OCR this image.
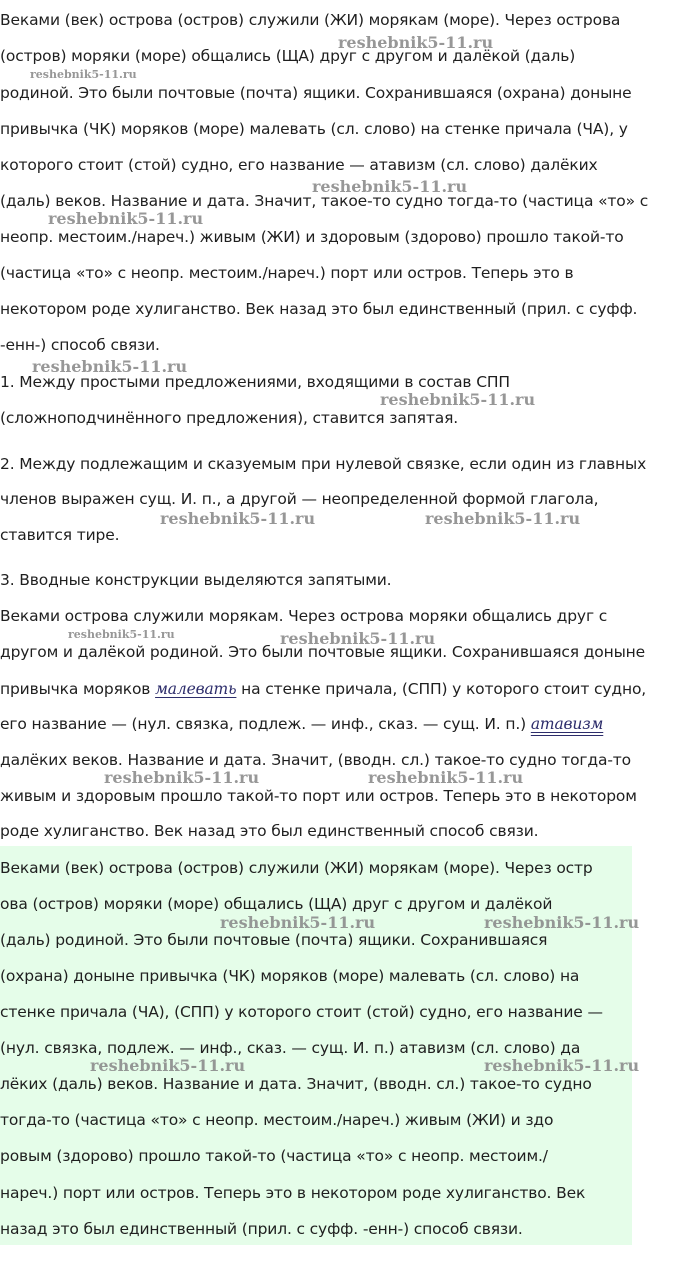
Веками (век) острова (остров) служили (ЖИ) морякам (море). Через острова
(остров) моряки (море) общались (ЩА) друг с другом и далёкой (даль)
родиной. Это были почтовые (почта) ящики. Сохранившаяся (охрана) доныне
привычка (ЧК) моряков (море) малевать (сл. слово) на стенке причала (ЧА), у
которого стоит (стой) судно, его название — атавизм (сл. слово) далёких
(даль) веков. Название и дата. Значит, такое-то судно тогда-то (частица «то» с
неопр. местоим./нареч.) живым (ЖИ) и здоровым (здорово) прошло такой-то
(частица «то» с неопр. местоим./нареч.) порт или остров. Теперь это в
некотором роде хулиганство. Век назад это был единственный (прил. с суфф.
-енн-) способ связи.
1. Между простыми предложениями, входящими в состав СПП
(сложноподчинённого предложения), ставится запятая.
2. Между подлежащим и сказуемым при нулевой связке, если один из главных
членов выражен сущ. И. п., а другой — неопределенной формой глагола,
ставится тире.
3. Вводные конструкции выделяются запятыми.
Веками острова служили морякам. Через острова моряки общались друг с
другом и далёкой родиной. Это были почтовые ящики. Сохранившаяся доныне
привычка моряков малевать на стенке причала, (СПП) у которого стоит судно,
его название — (нул. связка, подлеж. — инф., сказ. — сущ. И. п.) атавизм
далёких веков. Название и дата. Значит, (вводн. сл.) такое-то судно тогда-то
живым и здоровым прошло такой-то порт или остров. Теперь это в некотором
роде хулиганство. Век назад это был единственный способ связи.
Веками (век) острова (остров) служили (ЖИ) морякам (море). Через остр
ова (остров) моряки (море) общались (ЩА) друг с другом и далёкой
(даль) родиной. Это были почтовые (почта) ящики. Сохранившаяся
(охрана) доныне привычка (ЧК) моряков (море) малевать (сл. слово) на
стенке причала (ЧА), (СПП) у которого стоит (стой) судно, его название —
(нул. связка, подлеж. — инф., сказ. — сущ. И. п.) атавизм (сл. слово) да
лёких (даль) веков. Название и дата. Значит, (вводн. сл.) такое-то судно
тогда-то (частица «то» с неопр. местоим./нареч.) живым (ЖИ) и здо
ровым (здорово) прошло такой-то (частица «то» с неопр. местоим./
нареч.) порт или остров. Теперь это в некотором роде хулиганство. Век
назад это был единственный (прил. с суфф. -енн-) способ связи.
reshebnik5-11.ru
reshebnik5-11.ru
reshebnik5-11.ru
reshebnik5-11.ru
reshebnik5-11.ru
reshebnik5-11.ru
reshebnik5-11.ru	reshebnik5-11.ru
reshebnik5-11.ru	reshebnik5-11.ru
reshebnik5-11.ru	reshebnik5-11.ru
reshebnik5-11.ru	reshebnik5-11.ru
reshebnik5-11.ru	reshebnik5-11.ru
